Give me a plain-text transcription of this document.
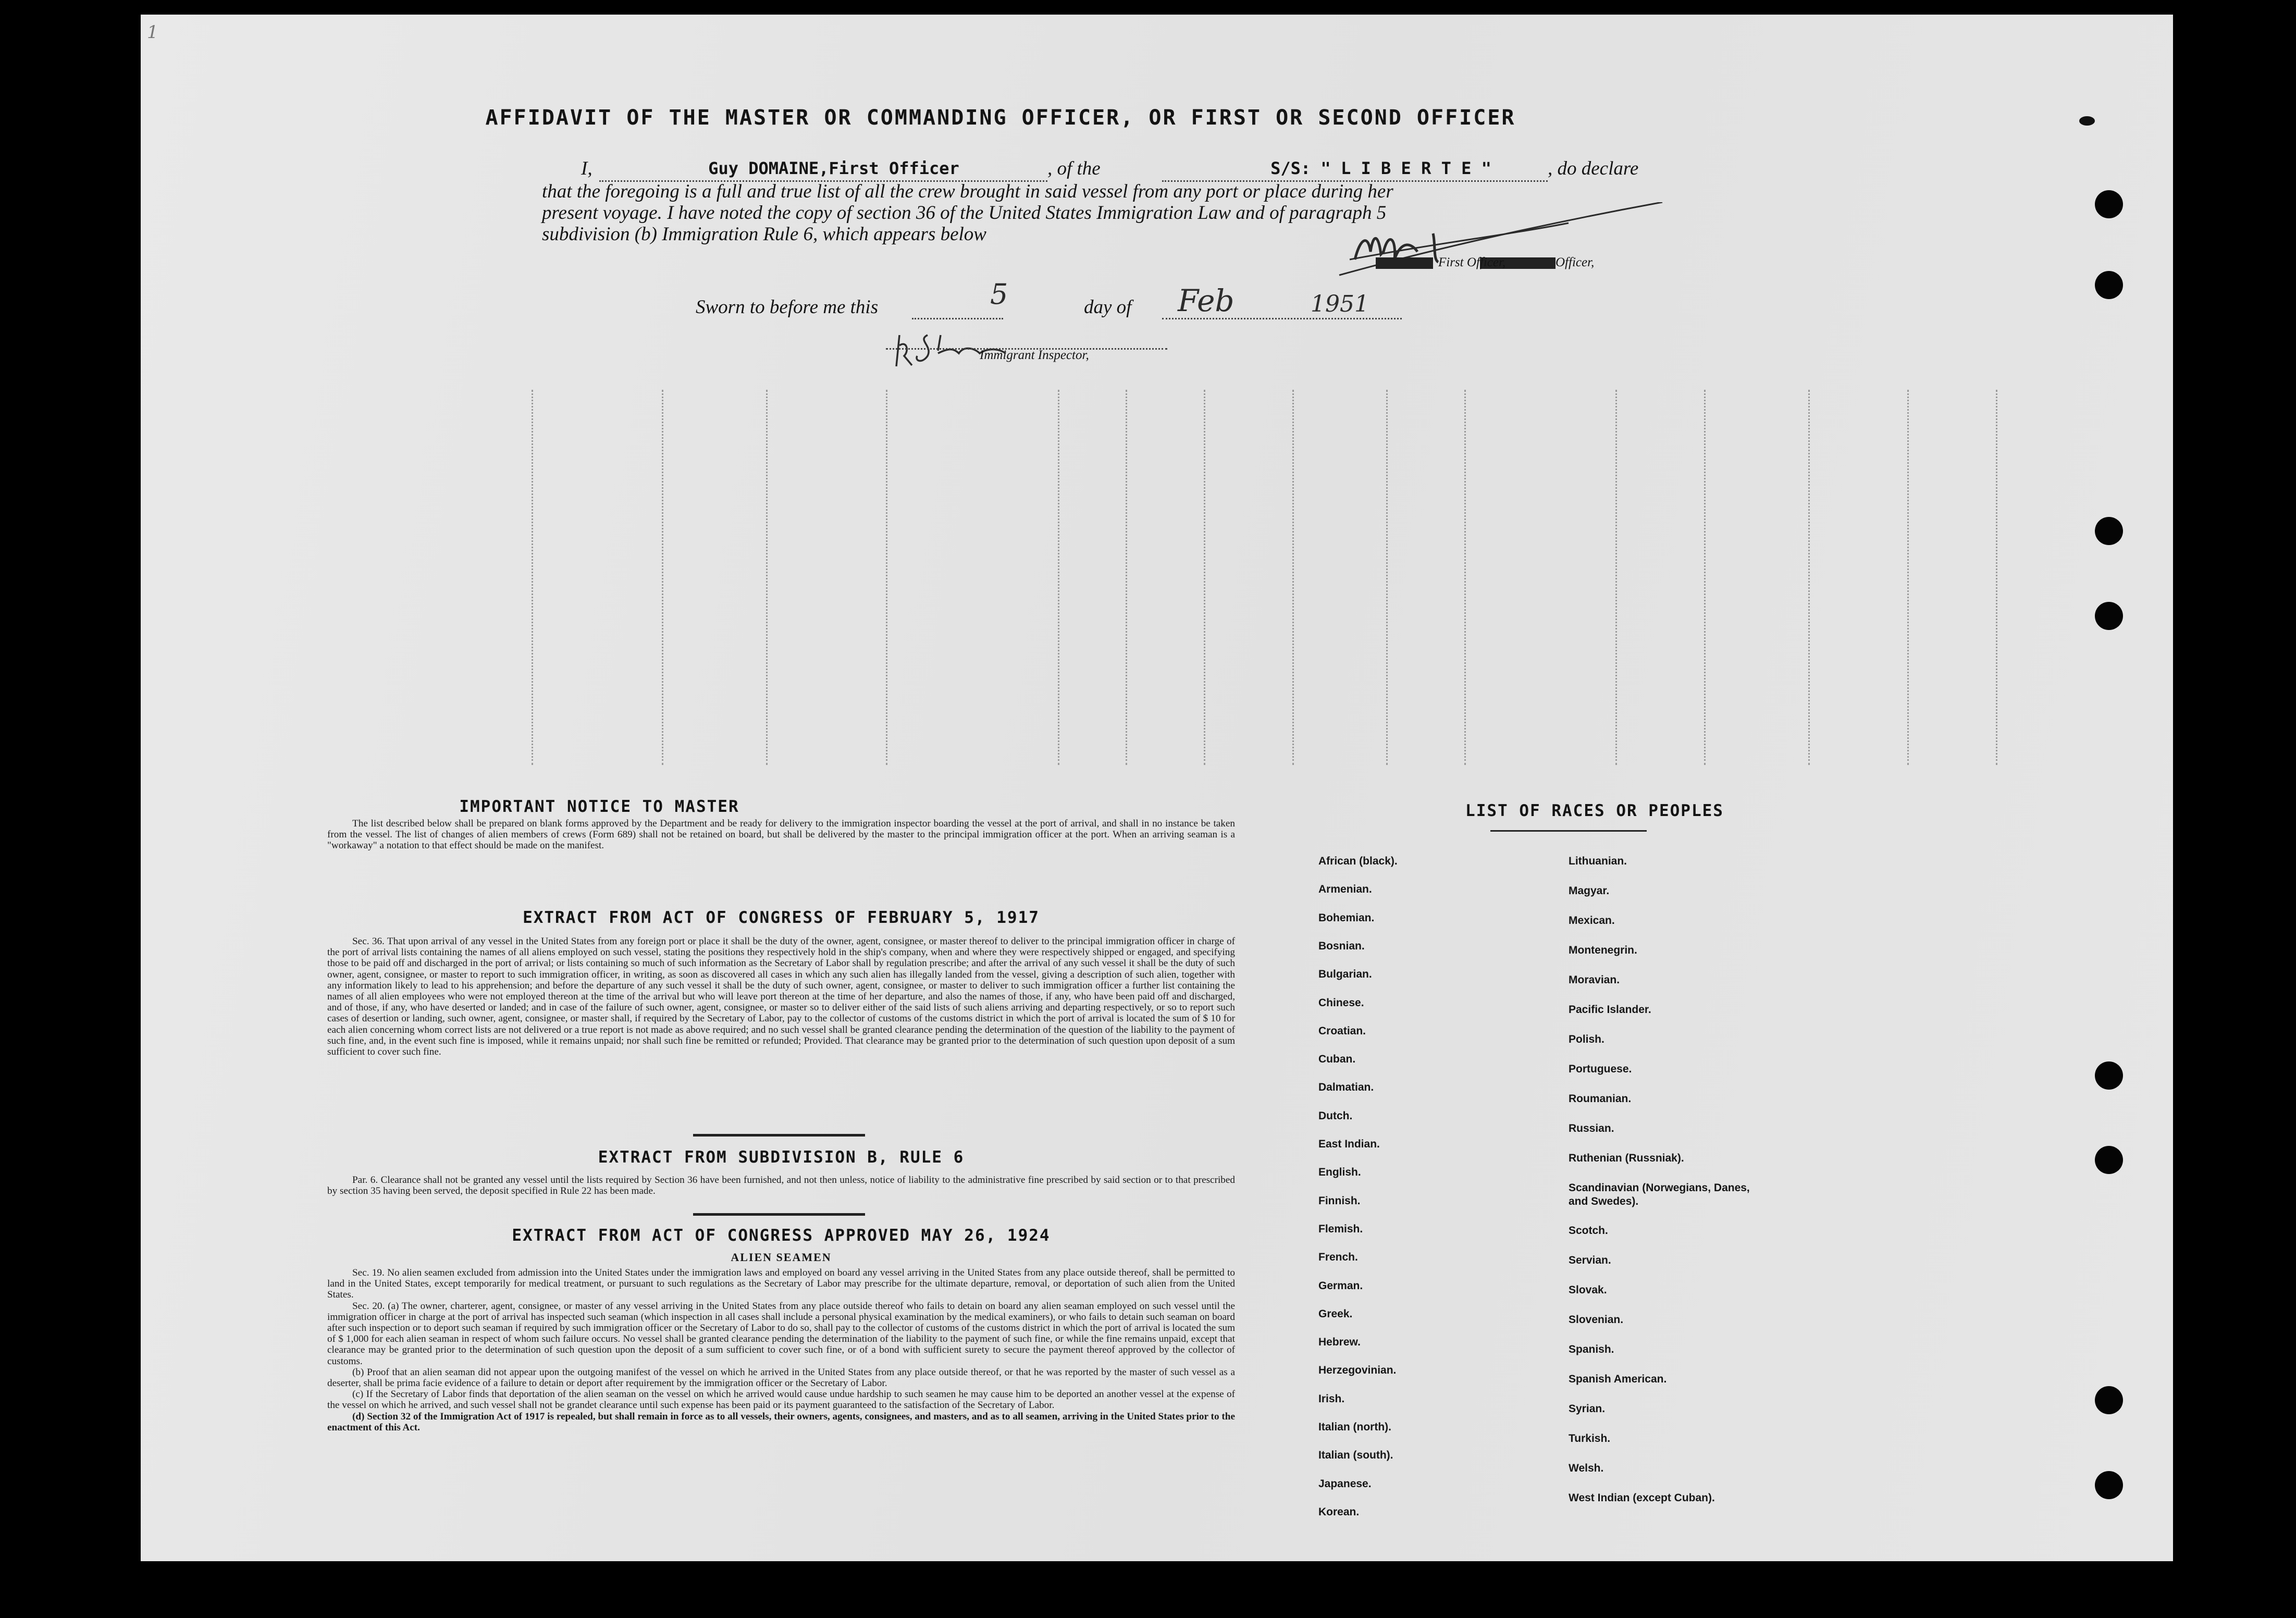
AFFIDAVIT OF THE MASTER OR COMMANDING OFFICER, OR FIRST OR SECOND OFFICER
I,	Guy DOMAINE,First Officer	, of the	S/S: " L I B E R T E "	, do declare
that the foregoing is a full and true list of all the crew brought in said vessel from any port or place during her
present voyage. I have noted the copy of section 36 of the United States Immigration Law and of paragraph 5
subdivision (b) Immigration Rule 6, which appears below
First Officer,	Officer,
Sworn to before me this	5	day of Feb	1951
Immigrant Inspector,
IMPORTANT NOTICE TO MASTER

The list described below shall be prepared on blank forms approved by the Department and be ready for delivery to the immigration inspector boarding the vessel at the port of arrival, and shall in no instance be taken from the vessel. The list of changes of alien members of crews (Form 689) shall not be retained on board, but shall be delivered by the master to the principal immigration officer at the port. When an arriving seaman is a "workaway" a notation to that effect should be made on the manifest.

EXTRACT FROM ACT OF CONGRESS OF FEBRUARY 5, 1917

Sec. 36. That upon arrival of any vessel in the United States from any foreign port or place it shall be the duty of the owner, agent, consignee, or master thereof to deliver to the principal immigration officer in charge of the port of arrival lists containing the names of all aliens employed on such vessel, stating the positions they respectively hold in the ship's company, when and where they were respectively shipped or engaged, and specifying those to be paid off and discharged in the port of arrival; or lists containing so much of such information as the Secretary of Labor shall by regulation prescribe; and after the arrival of any such vessel it shall be the duty of such owner, agent, consignee, or master to report to such immigration officer, in writing, as soon as discovered all cases in which any such alien has illegally landed from the vessel, giving a description of such alien, together with any information likely to lead to his apprehension; and before the departure of any such vessel it shall be the duty of such owner, agent, consignee, or master to deliver to such immigration officer a further list containing the names of all alien employees who were not employed thereon at the time of the arrival but who will leave port thereon at the time of her departure, and also the names of those, if any, who have been paid off and discharged, and of those, if any, who have deserted or landed; and in case of the failure of such owner, agent, consignee, or master so to deliver either of the said lists of such aliens arriving and departing respectively, or so to report such cases of desertion or landing, such owner, agent, consignee, or master shall, if required by the Secretary of Labor, pay to the collector of customs of the customs district in which the port of arrival is located the sum of $ 10 for each alien concerning whom correct lists are not delivered or a true report is not made as above required; and no such vessel shall be granted clearance pending the determination of the question of the liability to the payment of such fine, and, in the event such fine is imposed, while it remains unpaid; nor shall such fine be remitted or refunded; Provided. That clearance may be granted prior to the determination of such question upon deposit of a sum sufficient to cover such fine.

EXTRACT FROM SUBDIVISION B, RULE 6

Par. 6. Clearance shall not be granted any vessel until the lists required by Section 36 have been furnished, and not then unless, notice of liability to the administrative fine prescribed by said section or to that prescribed by section 35 having been served, the deposit specified in Rule 22 has been made.

EXTRACT FROM ACT OF CONGRESS APPROVED MAY 26, 1924
ALIEN SEAMEN

Sec. 19. No alien seamen excluded from admission into the United States under the immigration laws and employed on board any vessel arriving in the United States from any place outside thereof, shall be permitted to land in the United States, except temporarily for medical treatment, or pursuant to such regulations as the Secretary of Labor may prescribe for the ultimate departure, removal, or deportation of such alien from the United States.

Sec. 20. (a) The owner, charterer, agent, consignee, or master of any vessel arriving in the United States from any place outside thereof who fails to detain on board any alien seaman employed on such vessel until the immigration officer in charge at the port of arrival has inspected such seaman (which inspection in all cases shall include a personal physical examination by the medical examiners), or who fails to detain such seaman on board after such inspection or to deport such seaman if required by such immigration officer or the Secretary of Labor to do so, shall pay to the collector of customs of the customs district in which the port of arrival is located the sum of $ 1,000 for each alien seaman in respect of whom such failure occurs. No vessel shall be granted clearance pending the determination of the liability to the payment of such fine, or while the fine remains unpaid, except that clearance may be granted prior to the determination of such question upon the deposit of a sum sufficient to cover such fine, or of a bond with sufficient surety to secure the payment thereof approved by the collector of customs.

(b) Proof that an alien seaman did not appear upon the outgoing manifest of the vessel on which he arrived in the United States from any place outside thereof, or that he was reported by the master of such vessel as a deserter, shall be prima facie evidence of a failure to detain or deport after requirement by the immigration officer or the Secretary of Labor.

(c) If the Secretary of Labor finds that deportation of the alien seaman on the vessel on which he arrived would cause undue hardship to such seamen he may cause him to be deported an another vessel at the expense of the vessel on which he arrived, and such vessel shall not be grandet clearance until such expense has been paid or its payment guaranteed to the satisfaction of the Secretary of Labor.

(d) Section 32 of the Immigration Act of 1917 is repealed, but shall remain in force as to all vessels, their owners, agents, consignees, and masters, and as to all seamen, arriving in the United States prior to the enactment of this Act.

LIST OF RACES OR PEOPLES
African (black).
Armenian.
Bohemian.
Bosnian.
Bulgarian.
Chinese.
Croatian.
Cuban.
Dalmatian.
Dutch.
East Indian.
English.
Finnish.
Flemish.
French.
German.
Greek.
Hebrew.
Herzegovinian.
Irish.
Italian (north).
Italian (south).
Japanese.
Korean.
Lithuanian.
Magyar.
Mexican.
Montenegrin.
Moravian.
Pacific Islander.
Polish.
Portuguese.
Roumanian.
Russian.
Ruthenian (Russniak).
Scandinavian (Norwegians, Danes, and Swedes).
Scotch.
Servian.
Slovak.
Slovenian.
Spanish.
Spanish American.
Syrian.
Turkish.
Welsh.
West Indian (except Cuban).
1
